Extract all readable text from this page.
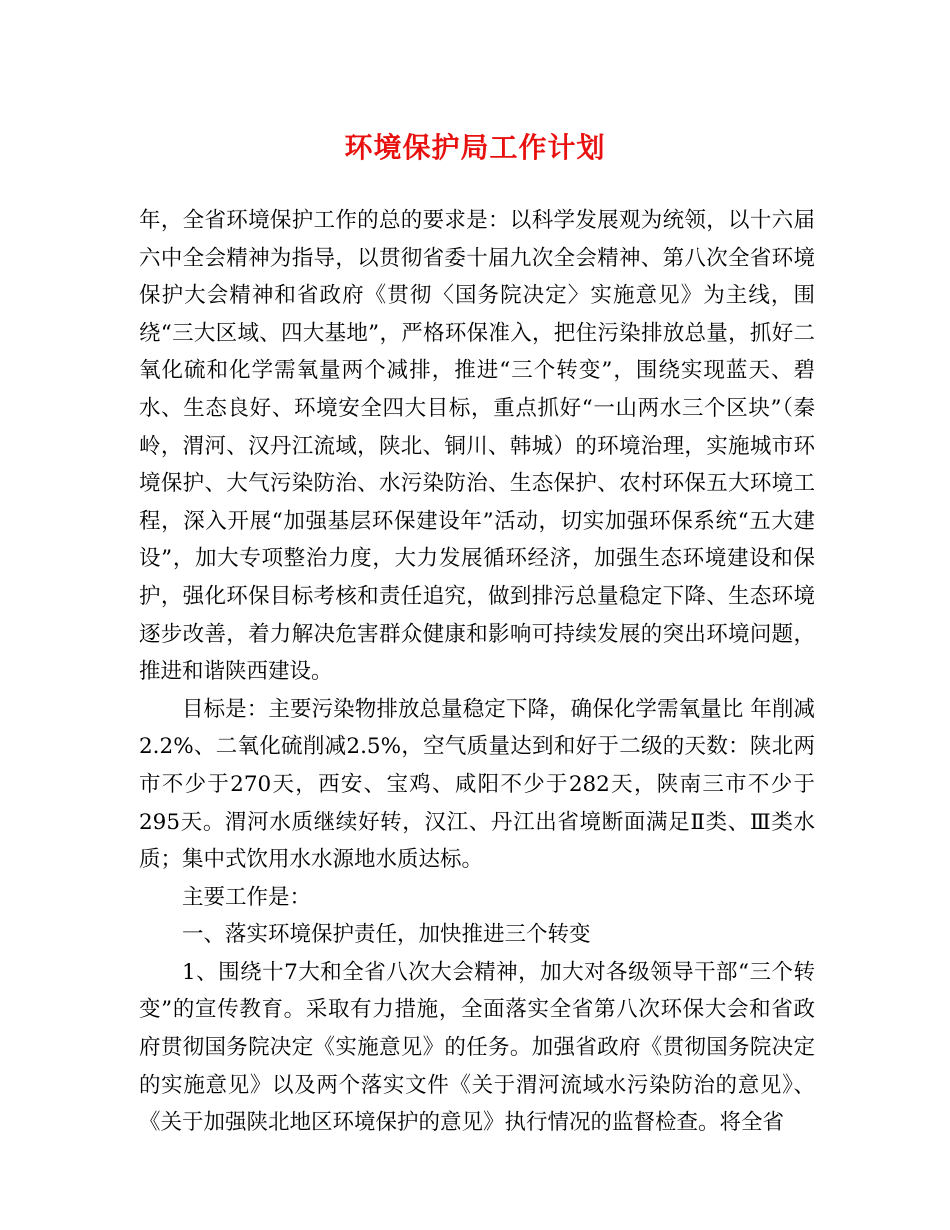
环境保护局工作计划

年，全省环境保护工作的总的要求是：以科学发展观为统领，以十六届六中全会精神为指导，以贯彻省委十届九次全会精神、第八次全省环境保护大会精神和省政府《贯彻〈国务院决定〉实施意见》为主线，围绕“三大区域、四大基地”，严格环保准入，把住污染排放总量，抓好二氧化硫和化学需氧量两个减排，推进“三个转变”，围绕实现蓝天、碧水、生态良好、环境安全四大目标，重点抓好“一山两水三个区块”（秦岭，渭河、汉丹江流域，陕北、铜川、韩城）的环境治理，实施城市环境保护、大气污染防治、水污染防治、生态保护、农村环保五大环境工程，深入开展“加强基层环保建设年”活动，切实加强环保系统“五大建设”，加大专项整治力度，大力发展循环经济，加强生态环境建设和保护，强化环保目标考核和责任追究，做到排污总量稳定下降、生态环境逐步改善，着力解决危害群众健康和影响可持续发展的突出环境问题，推进和谐陕西建设。

目标是：主要污染物排放总量稳定下降，确保化学需氧量比 年削减2.2%、二氧化硫削减2.5%，空气质量达到和好于二级的天数：陕北两市不少于270天，西安、宝鸡、咸阳不少于282天，陕南三市不少于295天。渭河水质继续好转，汉江、丹江出省境断面满足Ⅱ类、Ⅲ类水质；集中式饮用水水源地水质达标。

主要工作是：

一、落实环境保护责任，加快推进三个转变

1、围绕十7大和全省八次大会精神，加大对各级领导干部“三个转变”的宣传教育。采取有力措施，全面落实全省第八次环保大会和省政府贯彻国务院决定《实施意见》的任务。加强省政府《贯彻国务院决定的实施意见》以及两个落实文件《关于渭河流域水污染防治的意见》、《关于加强陕北地区环境保护的意见》执行情况的监督检查。将全省
